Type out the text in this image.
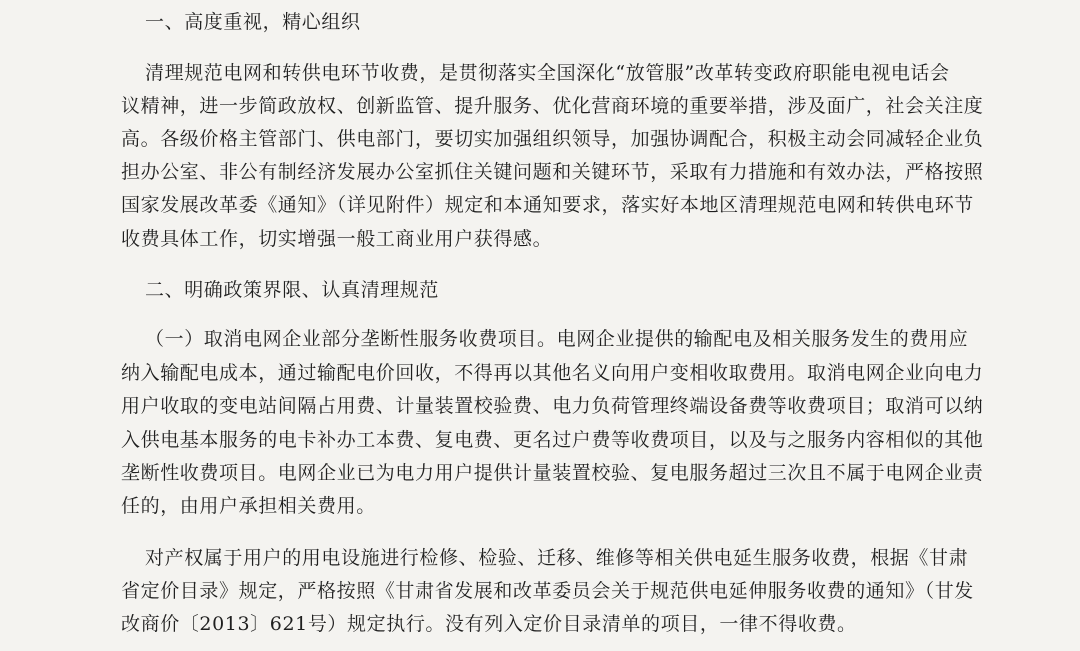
一、高度重视，精心组织
清理规范电网和转供电环节收费，是贯彻落实全国深化“放管服”改革转变政府职能电视电话会
议精神，进一步简政放权、创新监管、提升服务、优化营商环境的重要举措，涉及面广，社会关注度
高。各级价格主管部门、供电部门，要切实加强组织领导，加强协调配合，积极主动会同减轻企业负
担办公室、非公有制经济发展办公室抓住关键问题和关键环节，采取有力措施和有效办法，严格按照
国家发展改革委《通知》（详见附件）规定和本通知要求，落实好本地区清理规范电网和转供电环节
收费具体工作，切实增强一般工商业用户获得感。
二、明确政策界限、认真清理规范
（一）取消电网企业部分垄断性服务收费项目。电网企业提供的输配电及相关服务发生的费用应
纳入输配电成本，通过输配电价回收，不得再以其他名义向用户变相收取费用。取消电网企业向电力
用户收取的变电站间隔占用费、计量装置校验费、电力负荷管理终端设备费等收费项目；取消可以纳
入供电基本服务的电卡补办工本费、复电费、更名过户费等收费项目，以及与之服务内容相似的其他
垄断性收费项目。电网企业已为电力用户提供计量装置校验、复电服务超过三次且不属于电网企业责
任的，由用户承担相关费用。
对产权属于用户的用电设施进行检修、检验、迁移、维修等相关供电延生服务收费，根据《甘肃
省定价目录》规定，严格按照《甘肃省发展和改革委员会关于规范供电延伸服务收费的通知》（甘发
改商价〔2013〕621号）规定执行。没有列入定价目录清单的项目，一律不得收费。
